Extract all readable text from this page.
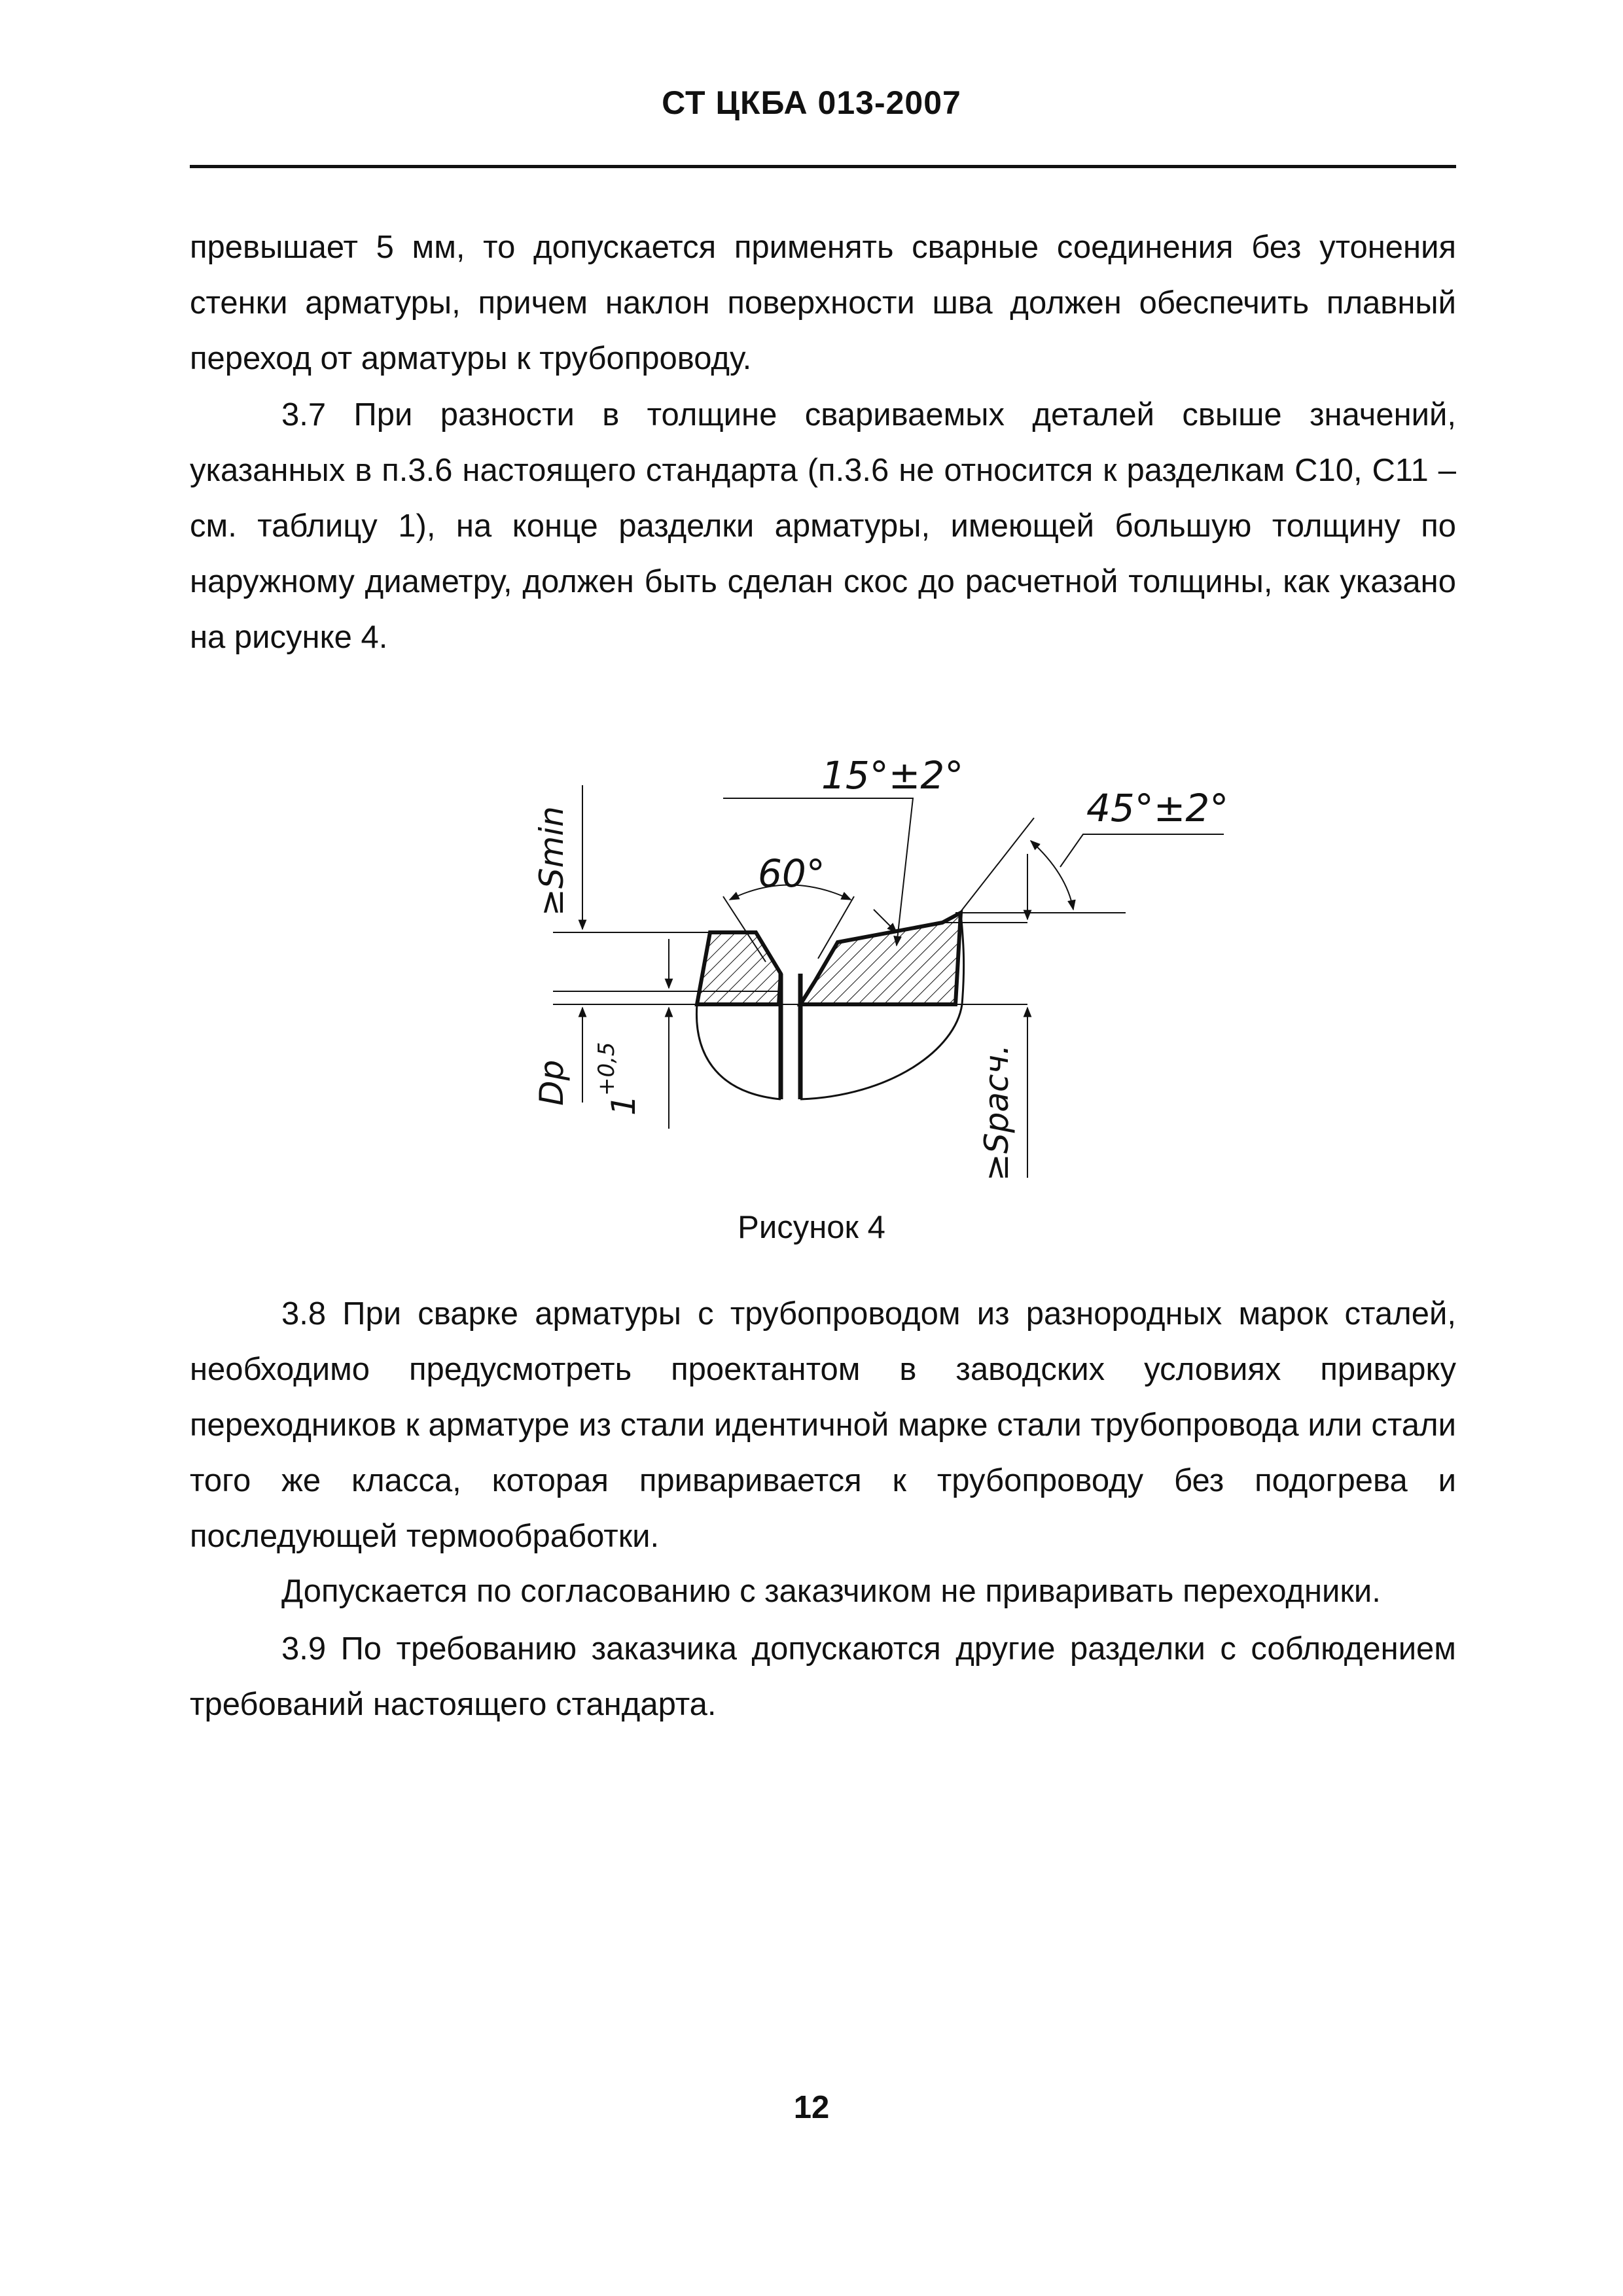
СТ ЦКБА 013-2007
превышает 5 мм, то допускается применять сварные соединения без утонения стенки арматуры, причем наклон поверхности шва должен обеспечить плавный переход от арматуры к трубопроводу.
3.7 При разности в толщине свариваемых деталей свыше значений, указанных в п.3.6 настоящего стандарта (п.3.6 не относится к разделкам С10, С11 – см. таблицу 1), на конце разделки арматуры, имеющей большую толщину по наружному диаметру, должен быть сделан скос до расчетной толщины, как указано на рисунке 4.
15°±2°
60°
45°±2°
≥Smin
Dp 1
+0,5	≥Spacч.
Рисунок 4
3.8 При сварке арматуры с трубопроводом из разнородных марок сталей, необходимо предусмотреть проектантом в заводских условиях приварку переходников к арматуре из стали идентичной марке стали трубопровода или стали того же класса, которая приваривается к трубопроводу без подогрева и последующей термообработки.
Допускается по согласованию с заказчиком не приваривать переходники.
3.9 По требованию заказчика допускаются другие разделки с соблюдением требований настоящего стандарта.
12
